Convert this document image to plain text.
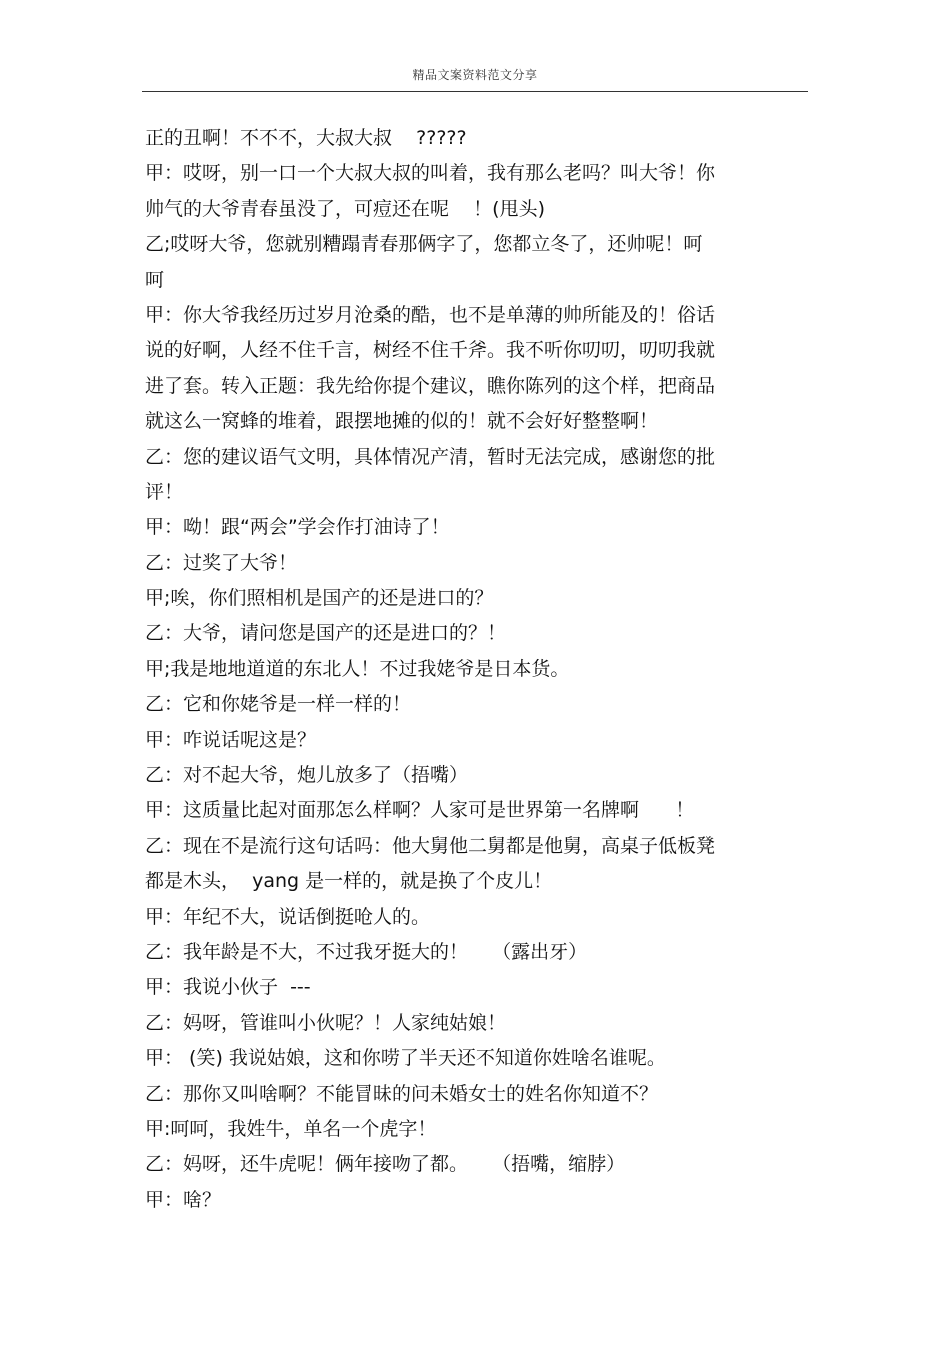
精品文案资料范文分享
正的丑啊！不不不，大叔大叔    ?????
甲：哎呀，别一口一个大叔大叔的叫着，我有那么老吗？叫大爷！你
帅气的大爷青春虽没了，可痘还在呢    ！(甩头)
乙;哎呀大爷，您就别糟蹋青春那俩字了，您都立冬了，还帅呢！呵
呵
甲：你大爷我经历过岁月沧桑的酷，也不是单薄的帅所能及的！俗话
说的好啊，人经不住千言，树经不住千斧。我不听你叨叨，叨叨我就
进了套。转入正题：我先给你提个建议，瞧你陈列的这个样，把商品
就这么一窝蜂的堆着，跟摆地摊的似的！就不会好好整整啊！
乙：您的建议语气文明，具体情况产清，暂时无法完成，感谢您的批
评！
甲：呦！跟“两会”学会作打油诗了！
乙：过奖了大爷！
甲;唉，你们照相机是国产的还是进口的？
乙：大爷，请问您是国产的还是进口的？！
甲;我是地地道道的东北人！不过我姥爷是日本货。
乙：它和你姥爷是一样一样的！
甲：咋说话呢这是？
乙：对不起大爷，炮儿放多了（捂嘴）
甲：这质量比起对面那怎么样啊？人家可是世界第一名牌啊      ！
乙：现在不是流行这句话吗：他大舅他二舅都是他舅，高桌子低板凳
都是木头，  yang 是一样的，就是换了个皮儿！
甲：年纪不大，说话倒挺呛人的。
乙：我年龄是不大，不过我牙挺大的！    （露出牙）
甲：我说小伙子  ---
乙：妈呀，管谁叫小伙呢？！人家纯姑娘！
甲： (笑) 我说姑娘，这和你唠了半天还不知道你姓啥名谁呢。
乙：那你又叫啥啊？不能冒昧的问未婚女士的姓名你知道不？
甲:呵呵，我姓牛，单名一个虎字！
乙：妈呀，还牛虎呢！俩年接吻了都。    （捂嘴，缩脖）
甲：啥？
